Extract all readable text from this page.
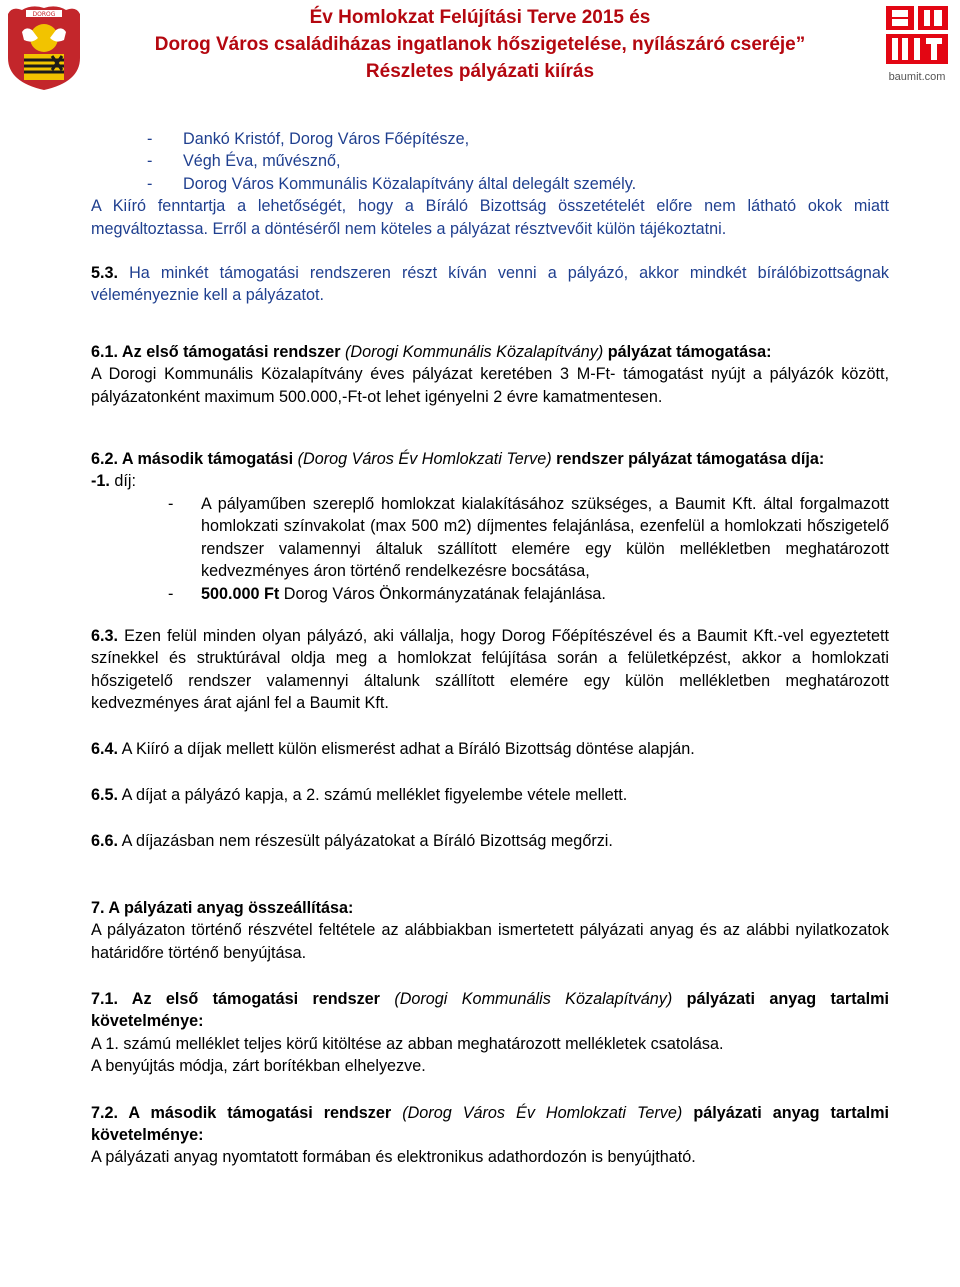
DOROG	Év Homlokzat Felújítási Terve 2015 és
Dorog Város családiházas ingatlanok hőszigetelése, nyílászáró cseréje”
Részletes pályázati kiírás	baumit.com
- Dankó Kristóf, Dorog Város Főépítésze,
- Végh Éva, művésznő,
- Dorog Város Kommunális Közalapítvány által delegált személy.

A Kiíró fenntartja a lehetőségét, hogy a Bíráló Bizottság összetételét előre nem látható okok miatt megváltoztassa. Erről a döntéséről nem köteles a pályázat résztvevőit külön tájékoztatni.

5.3. Ha minkét támogatási rendszeren részt kíván venni a pályázó, akkor mindkét bírálóbizottságnak véleményeznie kell a pályázatot.

6.1. Az első támogatási rendszer (Dorogi Kommunális Közalapítvány) pályázat támogatása:

A Dorogi Kommunális Közalapítvány éves pályázat keretében 3 M-Ft- támogatást nyújt a pályázók között, pályázatonként maximum 500.000,-Ft-ot lehet igényelni 2 évre kamatmentesen.

6.2. A második támogatási (Dorog Város Év Homlokzati Terve) rendszer pályázat támogatása díja:

-1. díj:

- A pályaműben szereplő homlokzat kialakításához szükséges, a Baumit Kft. által forgalmazott homlokzati színvakolat (max 500 m2) díjmentes felajánlása, ezenfelül a homlokzati hőszigetelő rendszer valamennyi általuk szállított elemére egy külön mellékletben meghatározott kedvezményes áron történő rendelkezésre bocsátása,
- 500.000 Ft Dorog Város Önkormányzatának felajánlása.

6.3. Ezen felül minden olyan pályázó, aki vállalja, hogy Dorog Főépítészével és a Baumit Kft.-vel egyeztetett színekkel és struktúrával oldja meg a homlokzat felújítása során a felületképzést, akkor a homlokzati hőszigetelő rendszer valamennyi általunk szállított elemére egy külön mellékletben meghatározott kedvezményes árat ajánl fel a Baumit Kft.

6.4. A Kiíró a díjak mellett külön elismerést adhat a Bíráló Bizottság döntése alapján.

6.5. A díjat a pályázó kapja, a 2. számú melléklet figyelembe vétele mellett.

6.6. A díjazásban nem részesült pályázatokat a Bíráló Bizottság megőrzi.

7. A pályázati anyag összeállítása:

A pályázaton történő részvétel feltétele az alábbiakban ismertetett pályázati anyag és az alábbi nyilatkozatok határidőre történő benyújtása.

7.1. Az első támogatási rendszer (Dorogi Kommunális Közalapítvány) pályázati anyag tartalmi követelménye:

A 1. számú melléklet teljes körű kitöltése az abban meghatározott mellékletek csatolása.

A benyújtás módja, zárt borítékban elhelyezve.

7.2. A második támogatási rendszer (Dorog Város Év Homlokzati Terve) pályázati anyag tartalmi követelménye:

A pályázati anyag nyomtatott formában és elektronikus adathordozón is benyújtható.
